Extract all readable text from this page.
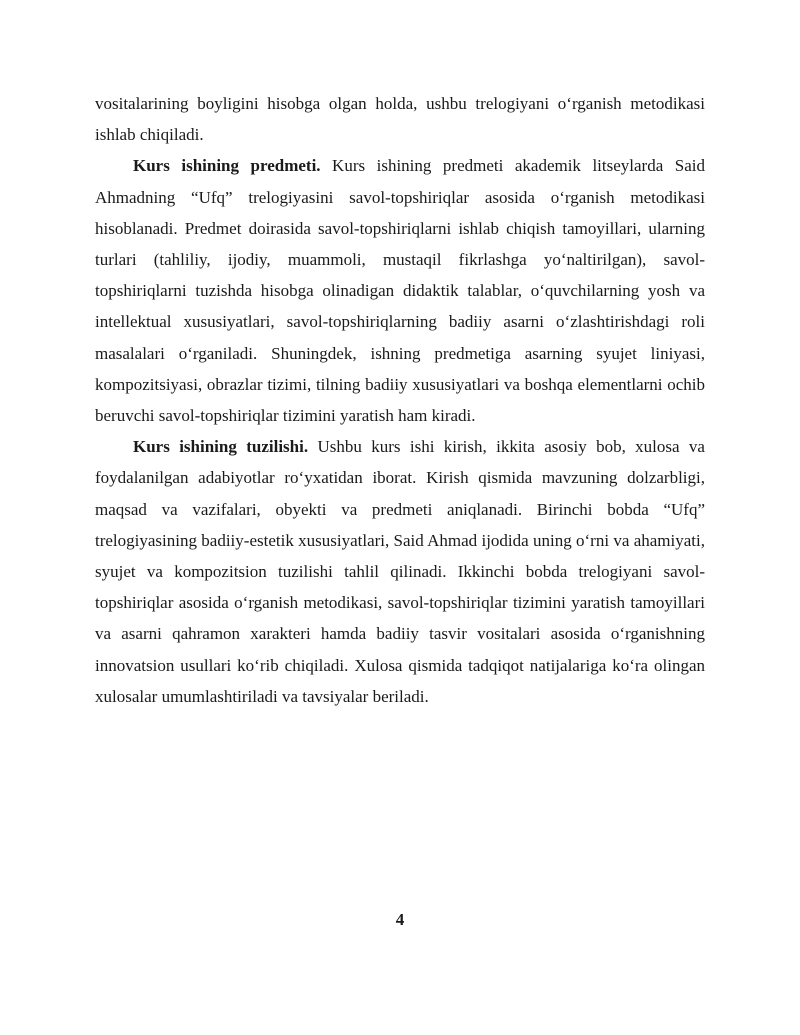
vositalarining boyligini hisobga olgan holda, ushbu trelogiyani o‘rganish metodikasi ishlab chiqiladi.

Kurs ishining predmeti. Kurs ishining predmeti akademik litseylarda Said Ahmadning “Ufq” trelogiyasini savol-topshiriqlar asosida o‘rganish metodikasi hisoblanadi. Predmet doirasida savol-topshiriqlarni ishlab chiqish tamoyillari, ularning turlari (tahliliy, ijodiy, muammoli, mustaqil fikrlashga yo‘naltirilgan), savol-topshiriqlarni tuzishda hisobga olinadigan didaktik talablar, o‘quvchilarning yosh va intellektual xususiyatlari, savol-topshiriqlarning badiiy asarni o‘zlashtirishdagi roli masalalari o‘rganiladi. Shuningdek, ishning predmetiga asarning syujet liniyasi, kompozitsiyasi, obrazlar tizimi, tilning badiiy xususiyatlari va boshqa elementlarni ochib beruvchi savol-topshiriqlar tizimini yaratish ham kiradi.

Kurs ishining tuzilishi. Ushbu kurs ishi kirish, ikkita asosiy bob, xulosa va foydalanilgan adabiyotlar ro‘yxatidan iborat. Kirish qismida mavzuning dolzarbligi, maqsad va vazifalari, obyekti va predmeti aniqlanadi. Birinchi bobda “Ufq” trelogiyasining badiiy-estetik xususiyatlari, Said Ahmad ijodida uning o‘rni va ahamiyati, syujet va kompozitsion tuzilishi tahlil qilinadi. Ikkinchi bobda trelogiyani savol-topshiriqlar asosida o‘rganish metodikasi, savol-topshiriqlar tizimini yaratish tamoyillari va asarni qahramon xarakteri hamda badiiy tasvir vositalari asosida o‘rganishning innovatsion usullari ko‘rib chiqiladi. Xulosa qismida tadqiqot natijalariga ko‘ra olingan xulosalar umumlashtiriladi va tavsiyalar beriladi.

4
